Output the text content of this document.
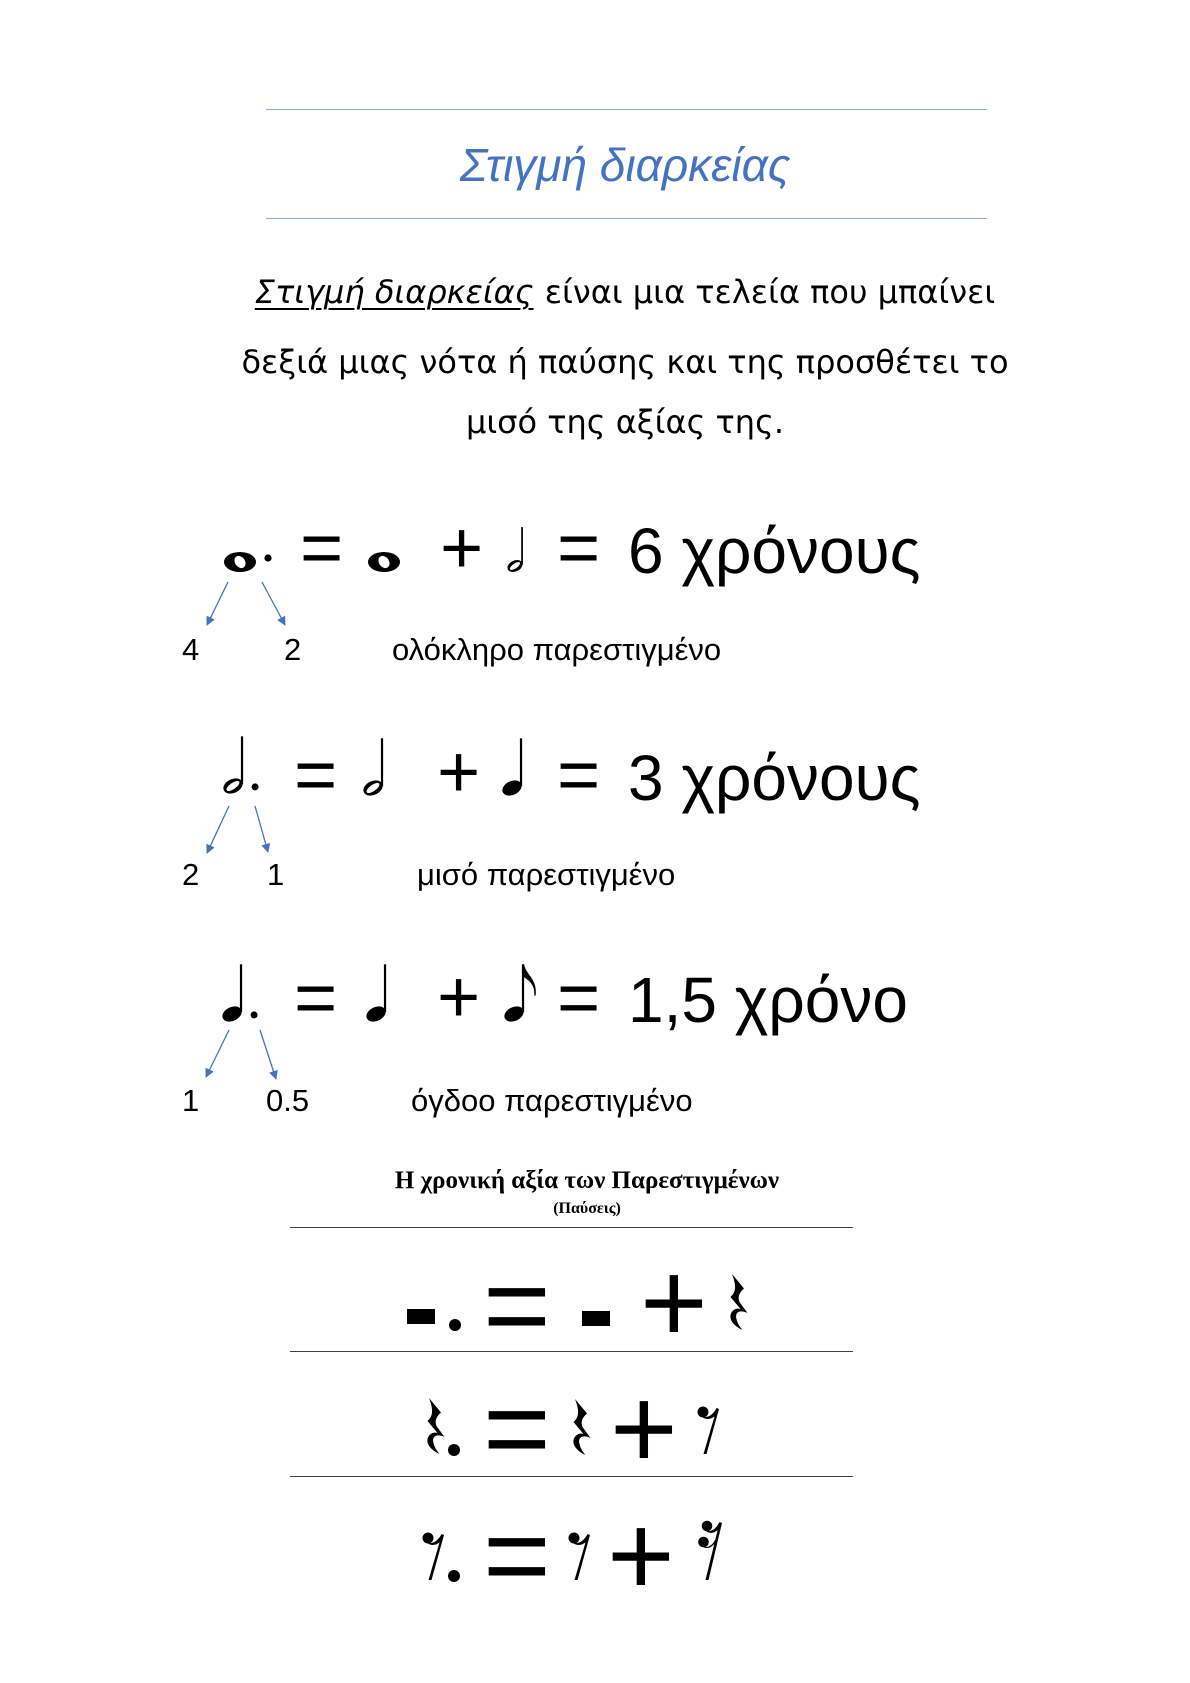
Στιγμή διαρκείας
Στιγμή διαρκείας είναι μια τελεία που μπαίνει
δεξιά μιας νότα ή παύσης και της προσθέτει το
μισό της αξίας της.
= + = 6 χρόνους
4	2	ολόκληρο παρεστιγμένο
= + = 3 χρόνους
2 1	μισό παρεστιγμένο
= + = 1,5 χρόνο
1 0.5	όγδοο παρεστιγμένο
Η χρονική αξία των Παρεστιγμένων
(Παύσεις)
= +
= +
= +
